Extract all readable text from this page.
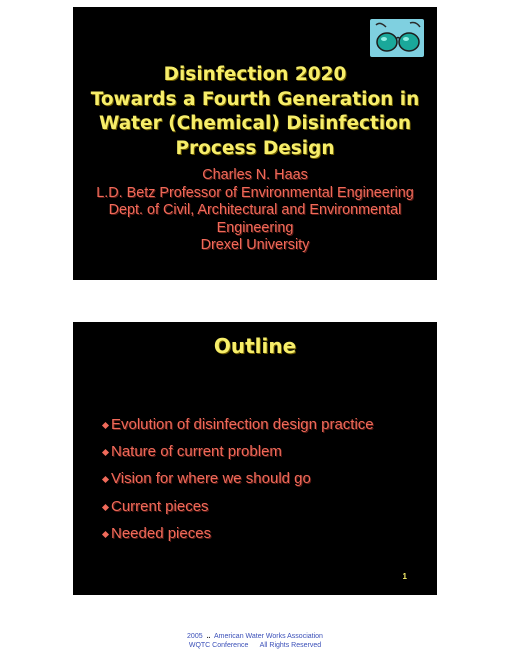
Disinfection 2020
Towards a Fourth Generation in
Water (Chemical) Disinfection
Process Design
Charles N. Haas
L.D. Betz Professor of Environmental Engineering
Dept. of Civil, Architectural and Environmental
Engineering
Drexel University
Outline
Evolution of disinfection design practice
Nature of current problem
Vision for where we should go
Current pieces
Needed pieces
1
2005 .. American Water Works Association
WQTC Conference All Rights Reserved
